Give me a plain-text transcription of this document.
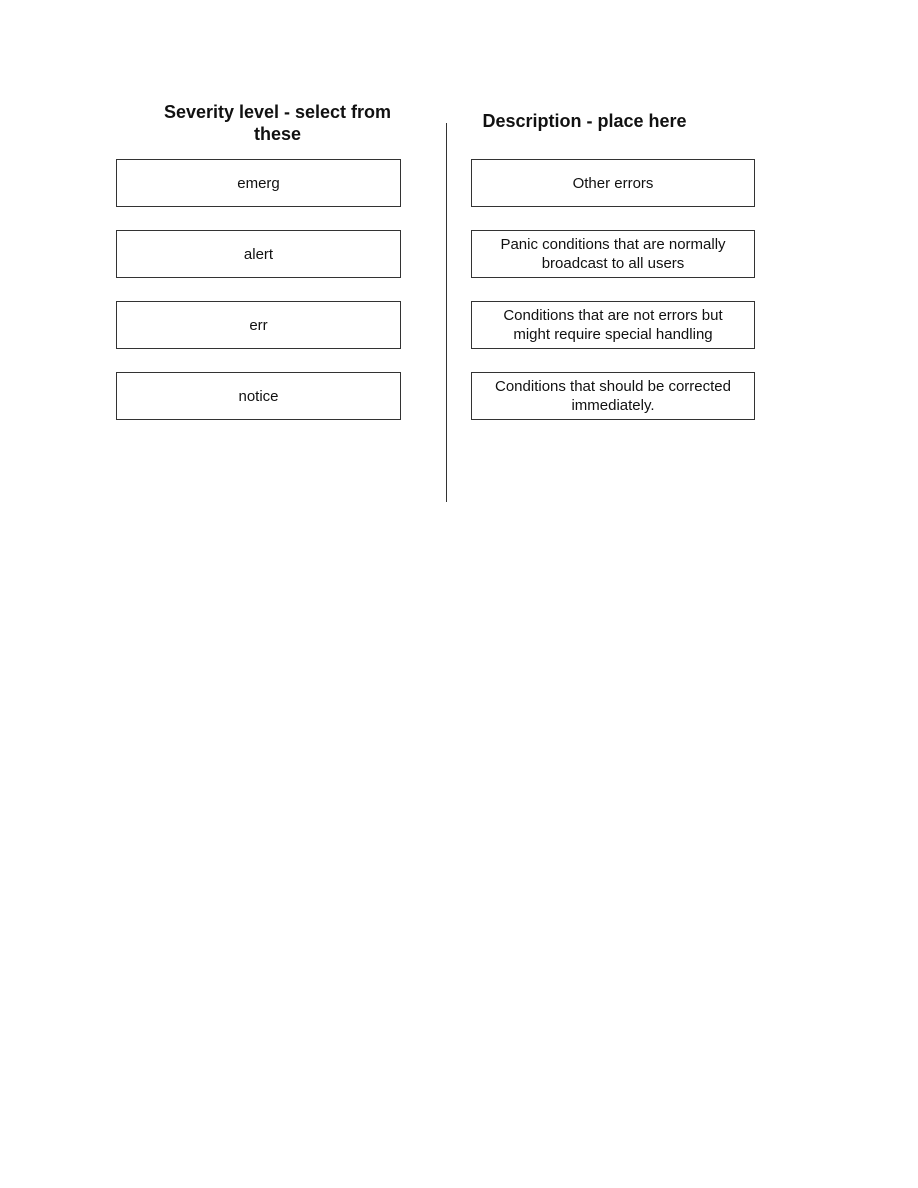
Severity level - select from these
Description - place here
emerg
alert
err
notice
Other errors
Panic conditions that are normally broadcast to all users
Conditions that are not errors but might require special handling
Conditions that should be corrected immediately.
